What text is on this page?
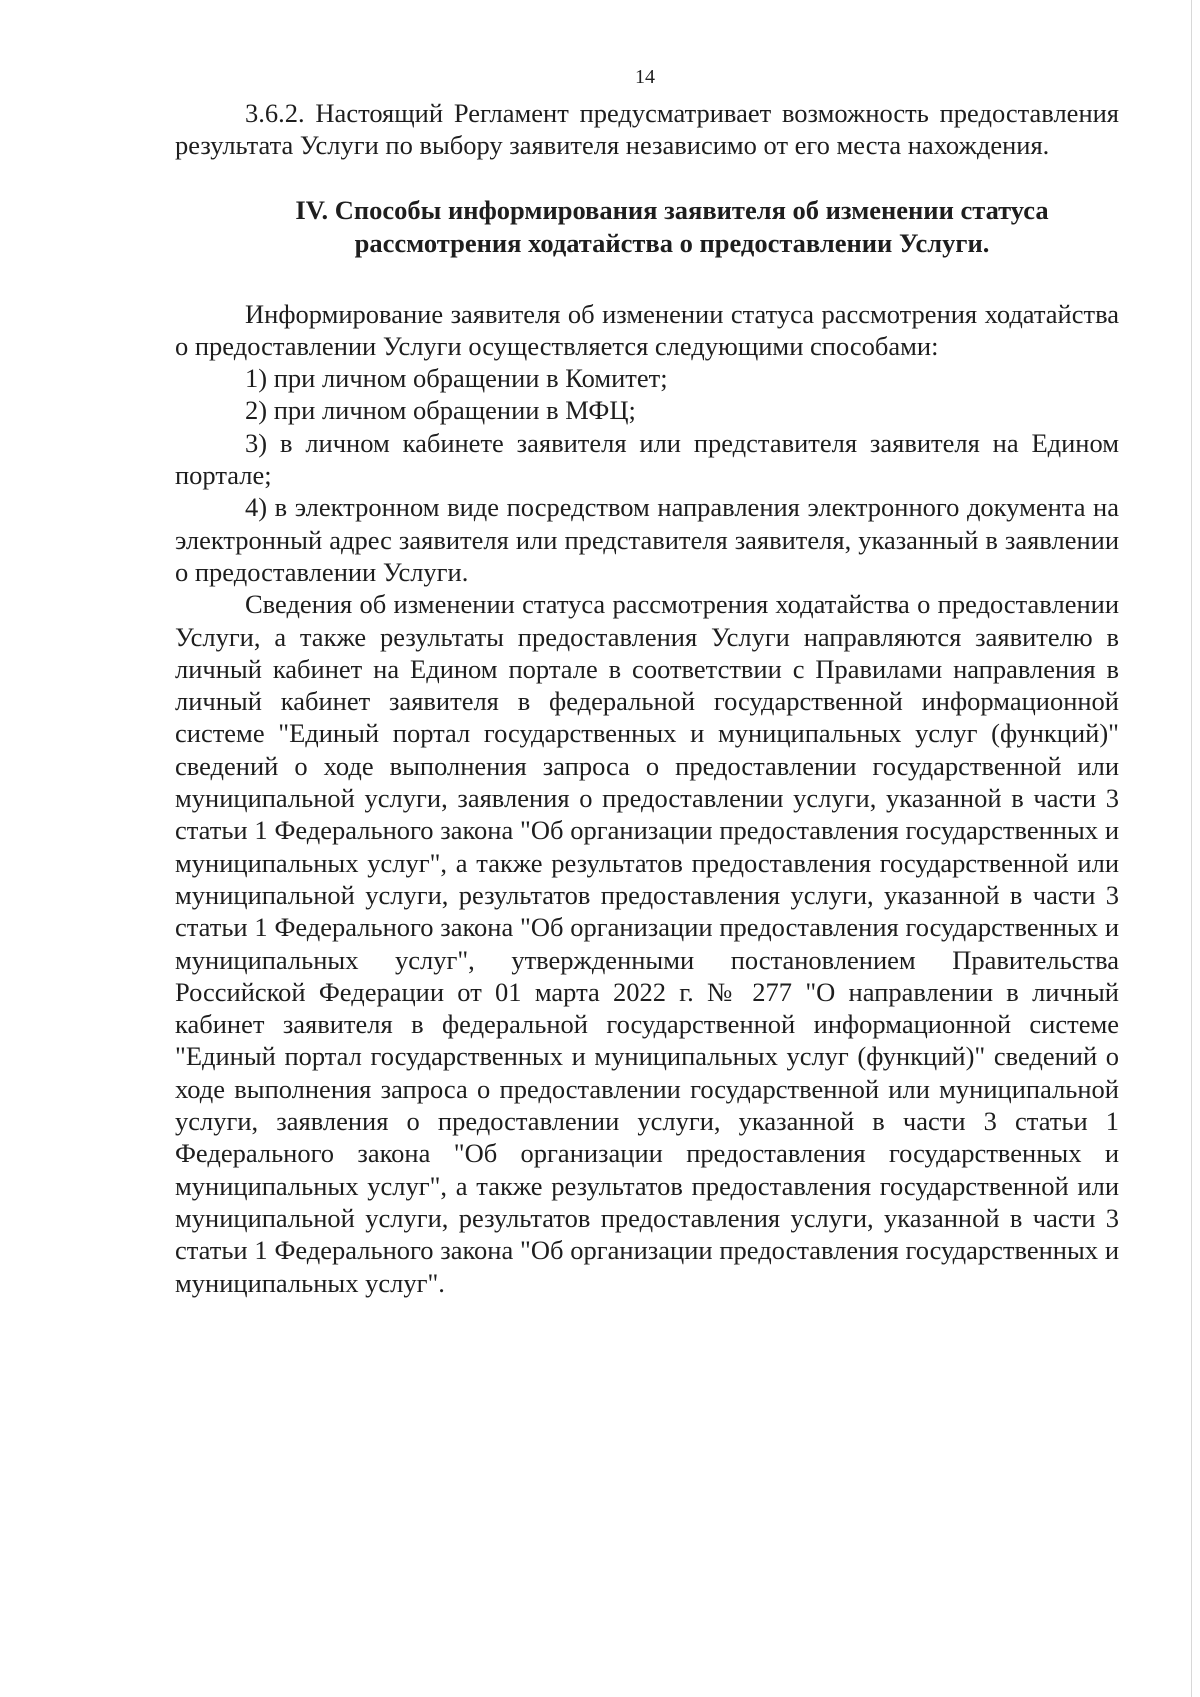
14

3.6.2. Настоящий Регламент предусматривает возможность предоставления результата Услуги по выбору заявителя независимо от его места нахождения.

IV. Способы информирования заявителя об изменении статуса рассмотрения ходатайства о предоставлении Услуги.

Информирование заявителя об изменении статуса рассмотрения ходатайства о предоставлении Услуги осуществляется следующими способами:

1) при личном обращении в Комитет;

2) при личном обращении в МФЦ;

3) в личном кабинете заявителя или представителя заявителя на Едином портале;

4) в электронном виде посредством направления электронного документа на электронный адрес заявителя или представителя заявителя, указанный в заявлении о предоставлении Услуги.

Сведения об изменении статуса рассмотрения ходатайства о предоставлении Услуги, а также результаты предоставления Услуги направляются заявителю в личный кабинет на Едином портале в соответствии с Правилами направления в личный кабинет заявителя в федеральной государственной информационной системе "Единый портал государственных и муниципальных услуг (функций)" сведений о ходе выполнения запроса о предоставлении государственной или муниципальной услуги, заявления о предоставлении услуги, указанной в части 3 статьи 1 Федерального закона "Об организации предоставления государственных и муниципальных услуг", а также результатов предоставления государственной или муниципальной услуги, результатов предоставления услуги, указанной в части 3 статьи 1 Федерального закона "Об организации предоставления государственных и муниципальных услуг", утвержденными постановлением Правительства Российской Федерации от 01 марта 2022 г. № 277 "О направлении в личный кабинет заявителя в федеральной государственной информационной системе "Единый портал государственных и муниципальных услуг (функций)" сведений о ходе выполнения запроса о предоставлении государственной или муниципальной услуги, заявления о предоставлении услуги, указанной в части 3 статьи 1 Федерального закона "Об организации предоставления государственных и муниципальных услуг", а также результатов предоставления государственной или муниципальной услуги, результатов предоставления услуги, указанной в части 3 статьи 1 Федерального закона "Об организации предоставления государственных и муниципальных услуг".
